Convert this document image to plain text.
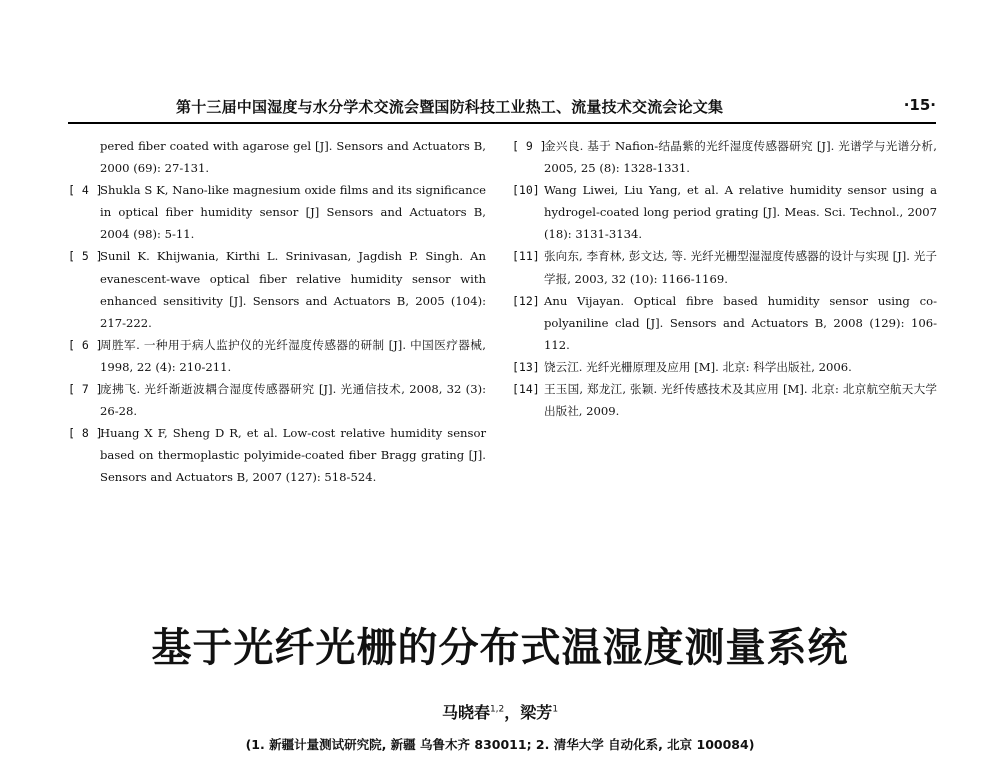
第十三届中国湿度与水分学术交流会暨国防科技工业热工、流量技术交流会论文集	·15·
pered fiber coated with agarose gel [J]. Sensors and Actuators B, 2000 (69): 27-131.
[ 4 ]
Shukla S K, Nano-like magnesium oxide films and its significance in optical fiber humidity sensor [J] Sensors and Actuators B, 2004 (98): 5-11.
[ 5 ]
Sunil K. Khijwania, Kirthi L. Srinivasan, Jagdish P. Singh. An evanescent-wave optical fiber relative humidity sensor with enhanced sensitivity [J]. Sensors and Actuators B, 2005 (104): 217-222.
[ 6 ]
周胜军. 一种用于病人监护仪的光纤湿度传感器的研制 [J]. 中国医疗器械, 1998, 22 (4): 210-211.
[ 7 ]
庞拂飞. 光纤渐逝波耦合湿度传感器研究 [J]. 光通信技术, 2008, 32 (3): 26-28.
[ 8 ]
Huang X F, Sheng D R, et al. Low-cost relative humidity sensor based on thermoplastic polyimide-coated fiber Bragg grating [J]. Sensors and Actuators B, 2007 (127): 518-524.
[ 9 ]
金兴良. 基于 Nafion-结晶紫的光纤湿度传感器研究 [J]. 光谱学与光谱分析, 2005, 25 (8): 1328-1331.
[10] Wang Liwei, Liu Yang, et al. A relative humidity sensor using a hydrogel-coated long period grating [J]. Meas. Sci. Technol., 2007 (18): 3131-3134.
[11] 张向东, 李育林, 彭文达, 等. 光纤光栅型湿湿度传感器的设计与实现 [J]. 光子学报, 2003, 32 (10): 1166-1169.
[12] Anu Vijayan. Optical fibre based humidity sensor using co-polyaniline clad [J]. Sensors and Actuators B, 2008 (129): 106-112.
[13] 饶云江. 光纤光栅原理及应用 [M]. 北京: 科学出版社, 2006.
[14] 王玉国, 郑龙江, 张颖. 光纤传感技术及其应用 [M]. 北京: 北京航空航天大学出版社, 2009.
基于光纤光栅的分布式温湿度测量系统
马晓春$^{1,2}$，梁芳$^1$
(1. 新疆计量测试研究院, 新疆 乌鲁木齐 830011; 2. 清华大学 自动化系, 北京 100084)
